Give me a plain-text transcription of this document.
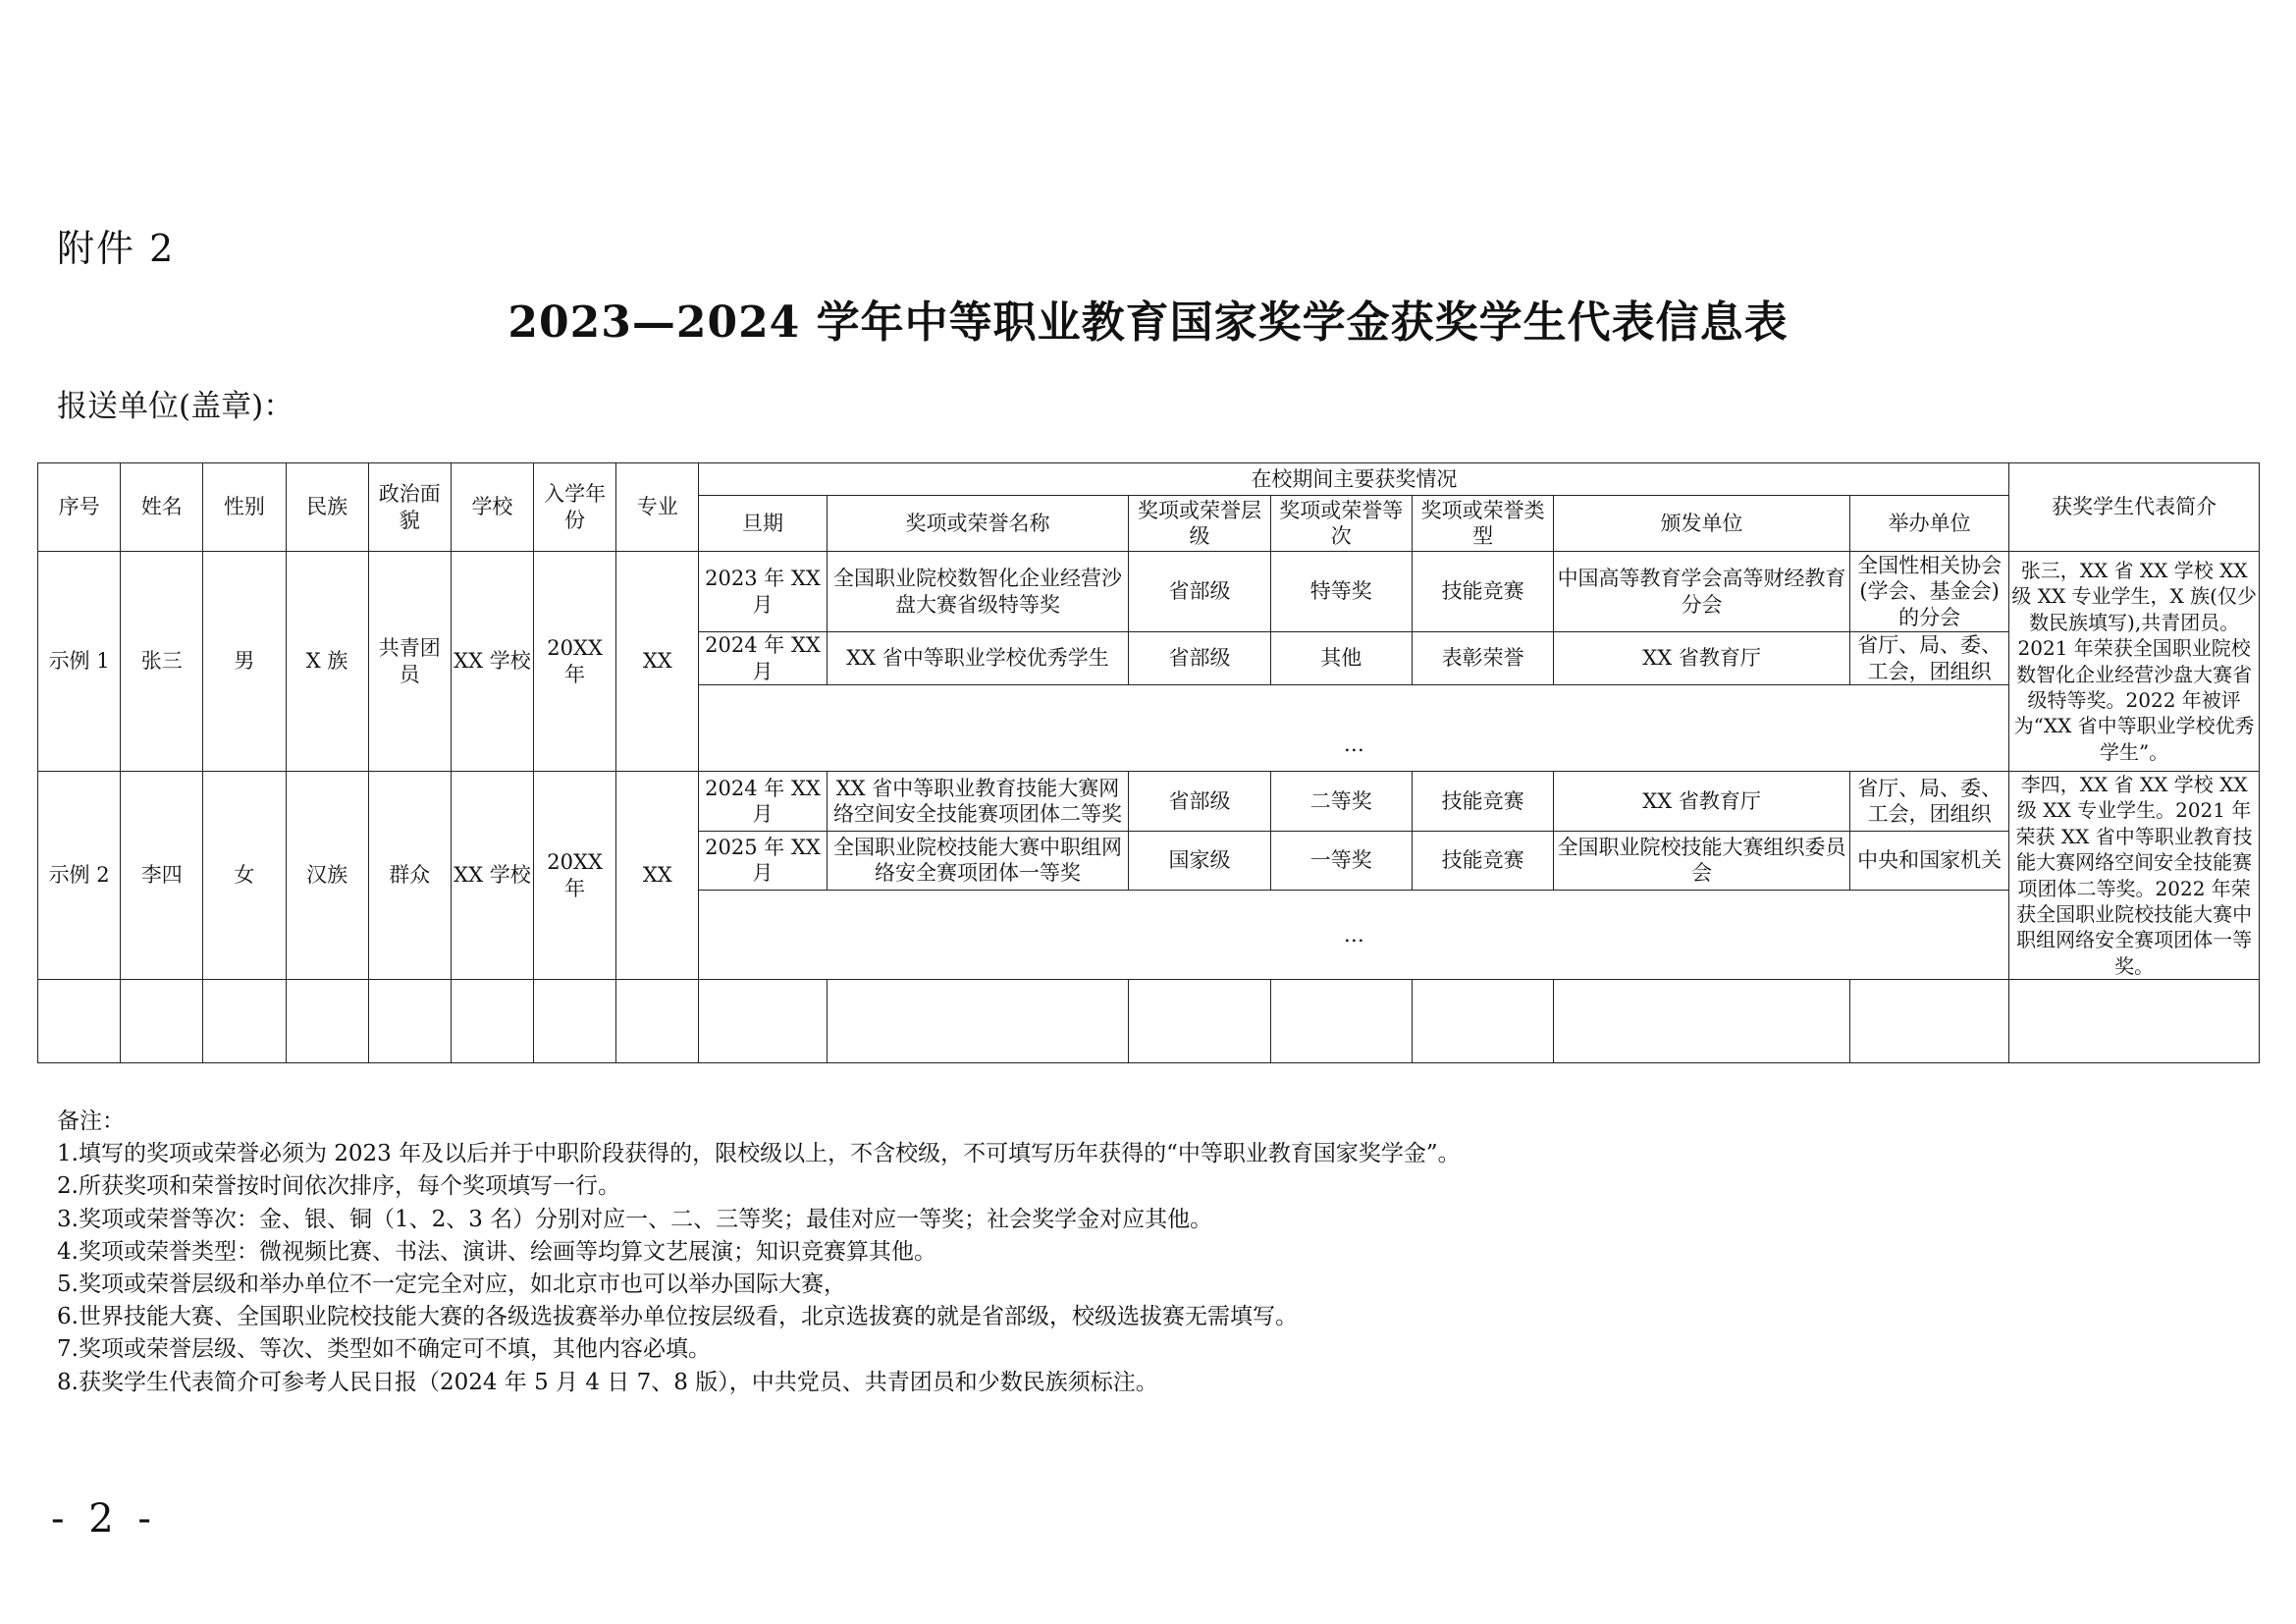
附件 2
2023—2024 学年中等职业教育国家奖学金获奖学生代表信息表
报送单位(盖章)：
序号	姓名	性别	民族	政治面貌	学校	入学年份	专业	在校期间主要获奖情况							获奖学生代表简介
								旦期	奖项或荣誉名称	奖项或荣誉层级	奖项或荣誉等次	奖项或荣誉类型	颁发单位	举办单位	
示例 1	张三	男	X 族	共青团员	XX 学校	20XX 年	XX	2023 年 XX 月	全国职业院校数智化企业经营沙盘大赛省级特等奖	省部级	特等奖	技能竞赛	中国高等教育学会高等财经教育分会	全国性相关协会(学会、基金会)的分会	张三，XX 省 XX 学校 XX 级 XX 专业学生，X 族(仅少数民族填写),共青团员。2021 年荣获全国职业院校数智化企业经营沙盘大赛省级特等奖。2022 年被评为“XX 省中等职业学校优秀学生”。
								2024 年 XX 月	XX 省中等职业学校优秀学生	省部级	其他	表彰荣誉	XX 省教育厅	省厅、局、委、工会，团组织	
								…							
示例 2	李四	女	汉族	群众	XX 学校	20XX 年	XX	2024 年 XX 月	XX 省中等职业教育技能大赛网络空间安全技能赛项团体二等奖	省部级	二等奖	技能竞赛	XX 省教育厅	省厅、局、委、工会，团组织	李四，XX 省 XX 学校 XX 级 XX 专业学生。2021 年荣获 XX 省中等职业教育技能大赛网络空间安全技能赛项团体二等奖。2022 年荣获全国职业院校技能大赛中职组网络安全赛项团体一等奖。
								2025 年 XX 月	全国职业院校技能大赛中职组网络安全赛项团体一等奖	国家级	一等奖	技能竞赛	全国职业院校技能大赛组织委员会	中央和国家机关	
								…							

备注：
1.填写的奖项或荣誉必须为 2023 年及以后并于中职阶段获得的，限校级以上，不含校级，不可填写历年获得的“中等职业教育国家奖学金”。
2.所获奖项和荣誉按时间依次排序，每个奖项填写一行。
3.奖项或荣誉等次：金、银、铜（1、2、3 名）分别对应一、二、三等奖；最佳对应一等奖；社会奖学金对应其他。
4.奖项或荣誉类型：微视频比赛、书法、演讲、绘画等均算文艺展演；知识竞赛算其他。
5.奖项或荣誉层级和举办单位不一定完全对应，如北京市也可以举办国际大赛，
6.世界技能大赛、全国职业院校技能大赛的各级选拔赛举办单位按层级看，北京选拔赛的就是省部级，校级选拔赛无需填写。
7.奖项或荣誉层级、等次、类型如不确定可不填，其他内容必填。
8.获奖学生代表简介可参考人民日报（2024 年 5 月 4 日 7、8 版），中共党员、共青团员和少数民族须标注。
- 2 -
